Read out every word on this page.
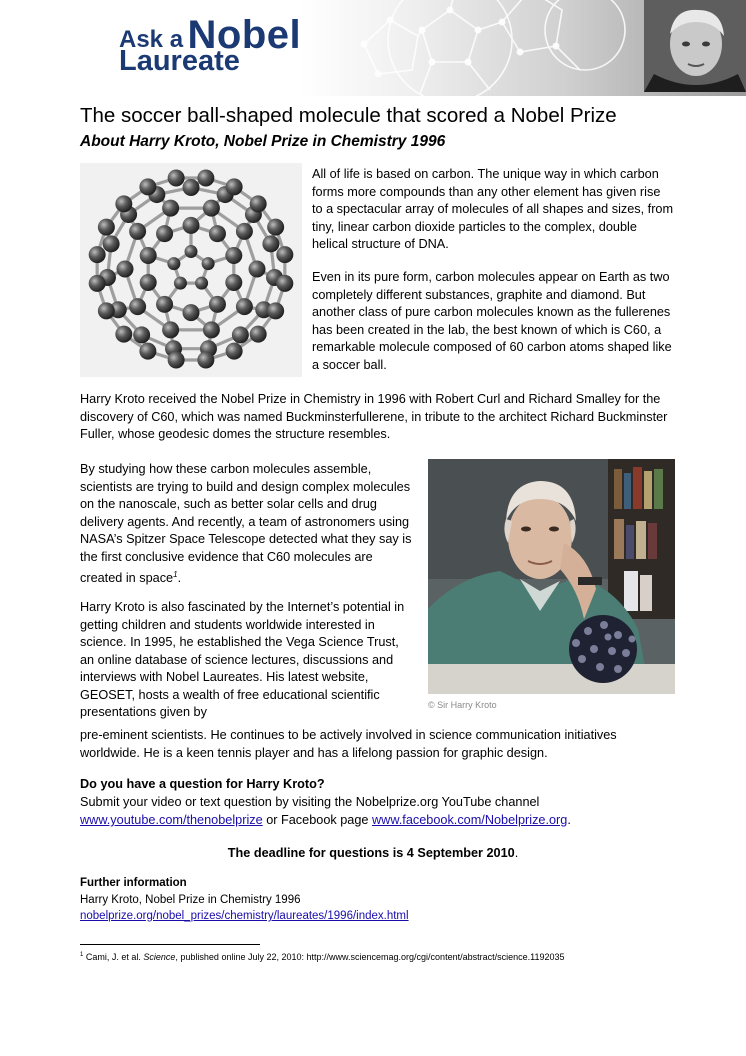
Ask a Nobel
Laureate
The soccer ball-shaped molecule that scored a Nobel Prize
About Harry Kroto, Nobel Prize in Chemistry 1996

All of life is based on carbon. The unique way in which carbon forms more compounds than any other element has given rise to a spectacular array of molecules of all shapes and sizes, from tiny, linear carbon dioxide particles to the complex, double helical structure of DNA.

Even in its pure form, carbon molecules appear on Earth as two completely different substances, graphite and diamond. But another class of pure carbon molecules known as the fullerenes has been created in the lab, the best known of which is C60, a remarkable molecule composed of 60 carbon atoms shaped like a soccer ball.

Harry Kroto received the Nobel Prize in Chemistry in 1996 with Robert Curl and Richard Smalley for the discovery of C60, which was named Buckminsterfullerene, in tribute to the architect Richard Buckminster Fuller, whose geodesic domes the structure resembles.

By studying how these carbon molecules assemble, scientists are trying to build and design complex molecules on the nanoscale, such as better solar cells and drug delivery agents. And recently, a team of astronomers using NASA’s Spitzer Space Telescope detected what they say is the first conclusive evidence that C60 molecules are created in space$^1$.

Harry Kroto is also fascinated by the Internet’s potential in getting children and students worldwide interested in science. In 1995, he established the Vega Science Trust, an online database of science lectures, discussions and interviews with Nobel Laureates. His latest website, GEOSET, hosts a wealth of free educational scientific presentations given by

pre-eminent scientists. He continues to be actively involved in science communication initiatives worldwide. He is a keen tennis player and has a lifelong passion for graphic design.

© Sir Harry Kroto
Do you have a question for Harry Kroto?
Submit your video or text question by visiting the Nobelprize.org YouTube channel
www.youtube.com/thenobelprize or Facebook page www.facebook.com/Nobelprize.org.
The deadline for questions is 4 September 2010.
Further information
Harry Kroto, Nobel Prize in Chemistry 1996
nobelprize.org/nobel_prizes/chemistry/laureates/1996/index.html
$^1$ Cami, J. et al. Science, published online July 22, 2010: http://www.sciencemag.org/cgi/content/abstract/science.1192035
